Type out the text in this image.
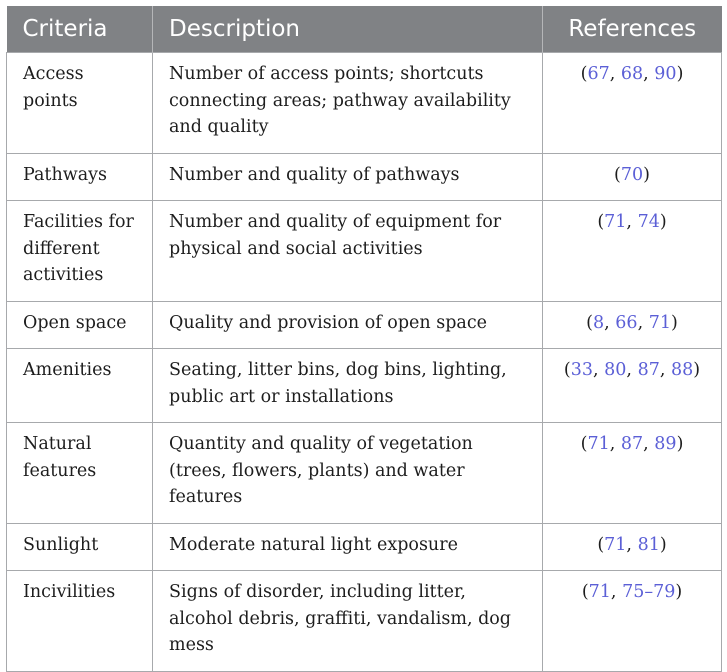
Criteria	Description	References
Access points	Number of access points; shortcuts connecting areas; pathway availability and quality	(67, 68, 90)
Pathways	Number and quality of pathways	(70)
Facilities for different activities	Number and quality of equipment for physical and social activities	(71, 74)
Open space	Quality and provision of open space	(8, 66, 71)
Amenities	Seating, litter bins, dog bins, lighting, public art or installations	(33, 80, 87, 88)
Natural features	Quantity and quality of vegetation (trees, flowers, plants) and water features	(71, 87, 89)
Sunlight	Moderate natural light exposure	(71, 81)
Incivilities	Signs of disorder, including litter, alcohol debris, graffiti, vandalism, dog mess	(71, 75–79)
